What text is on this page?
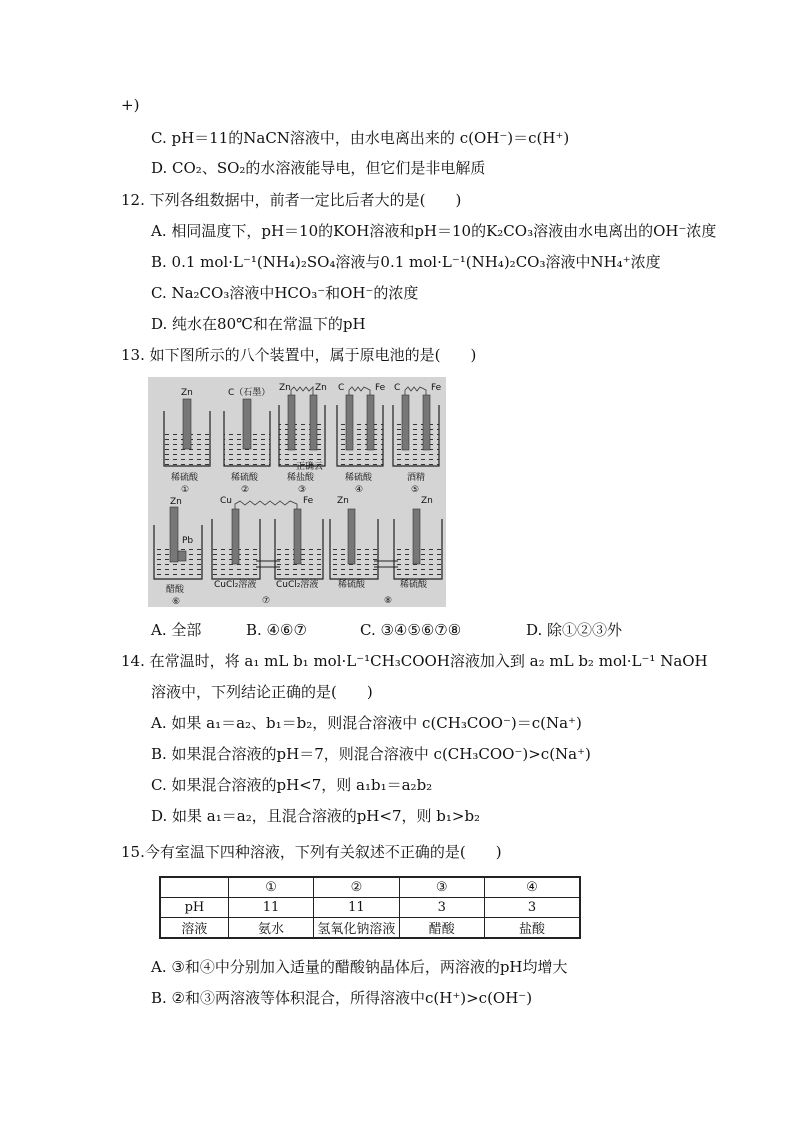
+)
C. pH＝11的NaCN溶液中，由水电离出来的 c(OH⁻)＝c(H⁺)
D. CO₂、SO₂的水溶液能导电，但它们是非电解质
12. 下列各组数据中，前者一定比后者大的是(　　)
A. 相同温度下，pH＝10的KOH溶液和pH＝10的K₂CO₃溶液由水电离出的OH⁻浓度
B. 0.1 mol·L⁻¹(NH₄)₂SO₄溶液与0.1 mol·L⁻¹(NH₄)₂CO₃溶液中NH₄⁺浓度
C. Na₂CO₃溶液中HCO₃⁻和OH⁻的浓度
D. 纯水在80℃和在常温下的pH
13. 如下图所示的八个装置中，属于原电池的是(　　)
Zn
稀硫酸
①
C（石墨）
稀硫酸
②
Zn	Zn
稀盐酸
③
C	Fe
稀硫酸
④
C	Fe
酒精
⑤
正确云
Zn
Pb
醋酸
⑥
Cu	Fe
CuCl₂溶液 CuCl₂溶液
⑦
Zn	Zn
稀硫酸	稀硫酸
⑧
A. 全部	B. ④⑥⑦	C. ③④⑤⑥⑦⑧	D. 除①②③外
14. 在常温时，将 a₁ mL b₁ mol·L⁻¹CH₃COOH溶液加入到 a₂ mL b₂ mol·L⁻¹ NaOH
溶液中，下列结论正确的是(　　)
A. 如果 a₁＝a₂、b₁＝b₂，则混合溶液中 c(CH₃COO⁻)＝c(Na⁺)
B. 如果混合溶液的pH＝7，则混合溶液中 c(CH₃COO⁻)>c(Na⁺)
C. 如果混合溶液的pH<7，则 a₁b₁＝a₂b₂
D. 如果 a₁＝a₂，且混合溶液的pH<7，则 b₁>b₂
15.今有室温下四种溶液，下列有关叙述不正确的是(　　)
	①	②	③	④
pH	11	11	3	3
溶液	氨水	氢氧化钠溶液	醋酸	盐酸
A. ③和④中分别加入适量的醋酸钠晶体后，两溶液的pH均增大
B. ②和③两溶液等体积混合，所得溶液中c(H⁺)>c(OH⁻)
